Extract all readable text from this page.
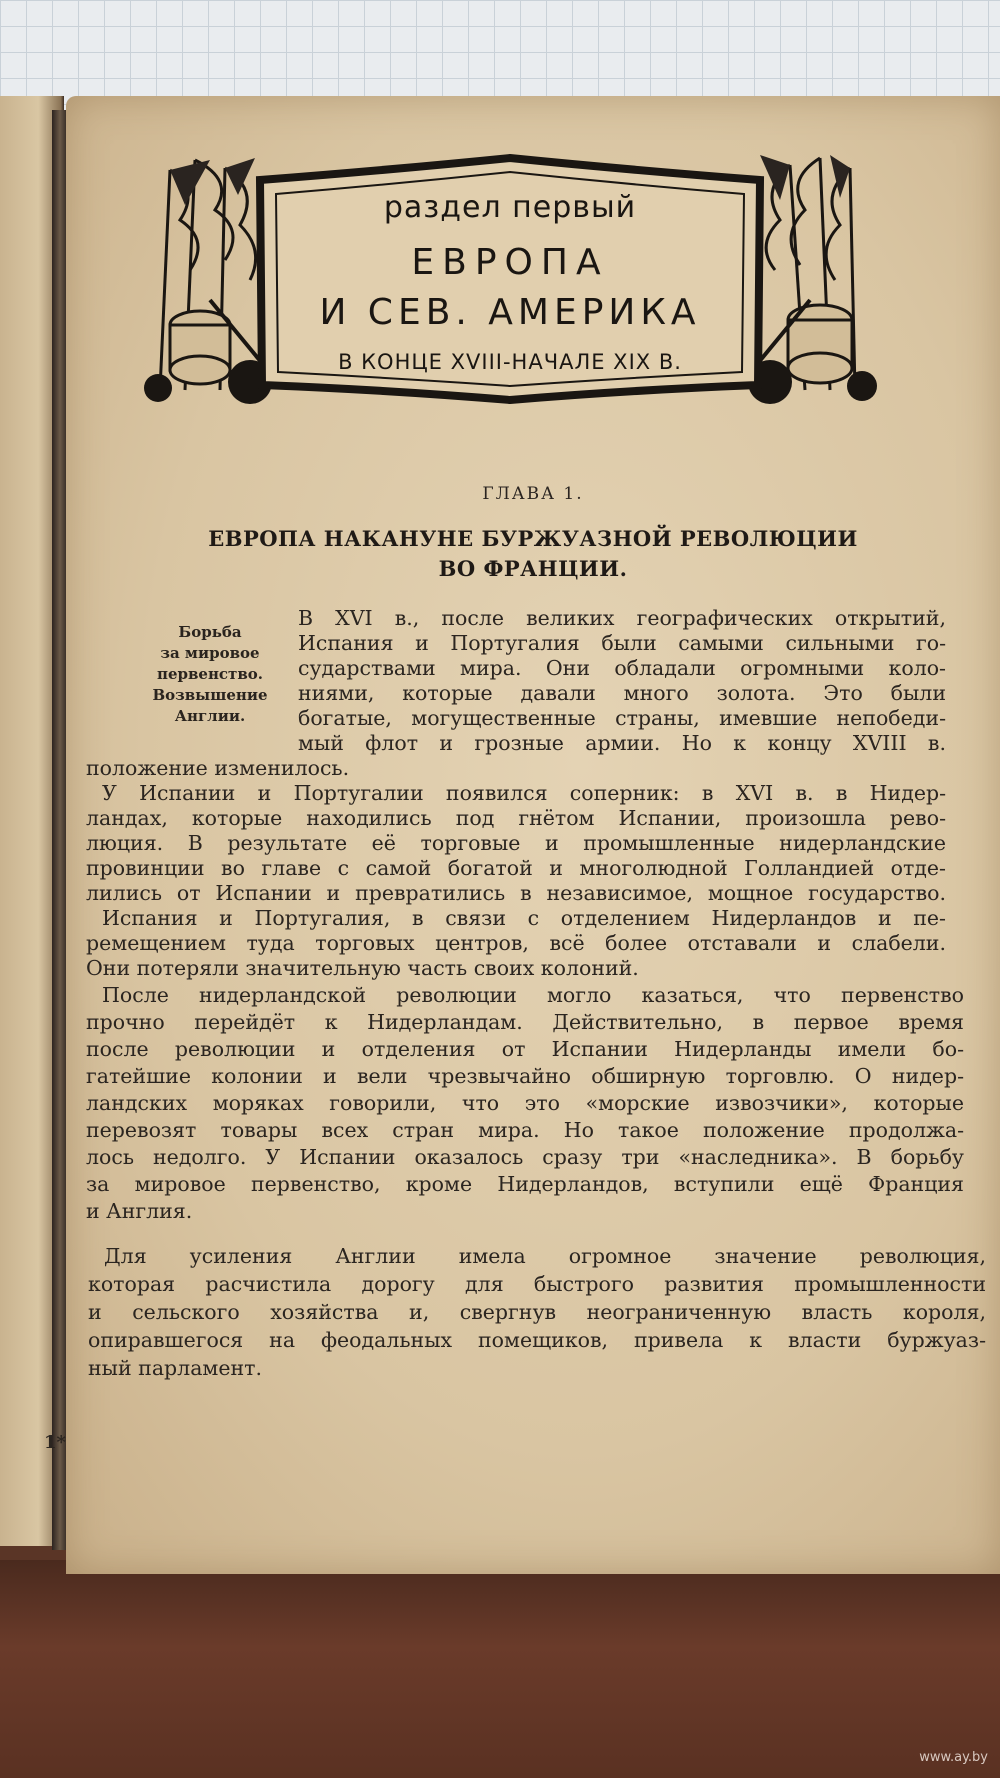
раздел первый
ЕВРОПА
И СЕВ. АМЕРИКА
В КОНЦЕ XVIII-НАЧАЛЕ XIX В.
ГЛАВА 1.
ЕВРОПА НАКАНУНЕ БУРЖУАЗНОЙ РЕВОЛЮЦИИ
ВО ФРАНЦИИ.
Борьба
за мировое
первенство.
Возвышение
Англии.
В XVI в., после великих географических открытий,
Испания и Португалия были самыми сильными го-
сударствами мира. Они обладали огромными коло-
ниями, которые давали много золота. Это были
богатые, могущественные страны, имевшие непобеди-
мый флот и грозные армии. Но к концу XVIII в.
положение изменилось.
У Испании и Португалии появился соперник: в XVI в. в Нидер-
ландах, которые находились под гнётом Испании, произошла рево-
люция. В результате её торговые и промышленные нидерландские
провинции во главе с самой богатой и многолюдной Голландией отде-
лились от Испании и превратились в независимое, мощное государство.
Испания и Португалия, в связи с отделением Нидерландов и пе-
ремещением туда торговых центров, всё более отставали и слабели.
Они потеряли значительную часть своих колоний.
После нидерландской революции могло казаться, что первенство
прочно перейдёт к Нидерландам. Действительно, в первое время
после революции и отделения от Испании Нидерланды имели бо-
гатейшие колонии и вели чрезвычайно обширную торговлю. О нидер-
ландских моряках говорили, что это «морские извозчики», которые
перевозят товары всех стран мира. Но такое положение продолжа-
лось недолго. У Испании оказалось сразу три «наследника». В борьбу
за мировое первенство, кроме Нидерландов, вступили ещё Франция
и Англия.
Для усиления Англии имела огромное значение революция,
которая расчистила дорогу для быстрого развития промышленности
и сельского хозяйства и, свергнув неограниченную власть короля,
опиравшегося на феодальных помещиков, привела к власти буржуаз-
ный парламент.
1*
www.ay.by
